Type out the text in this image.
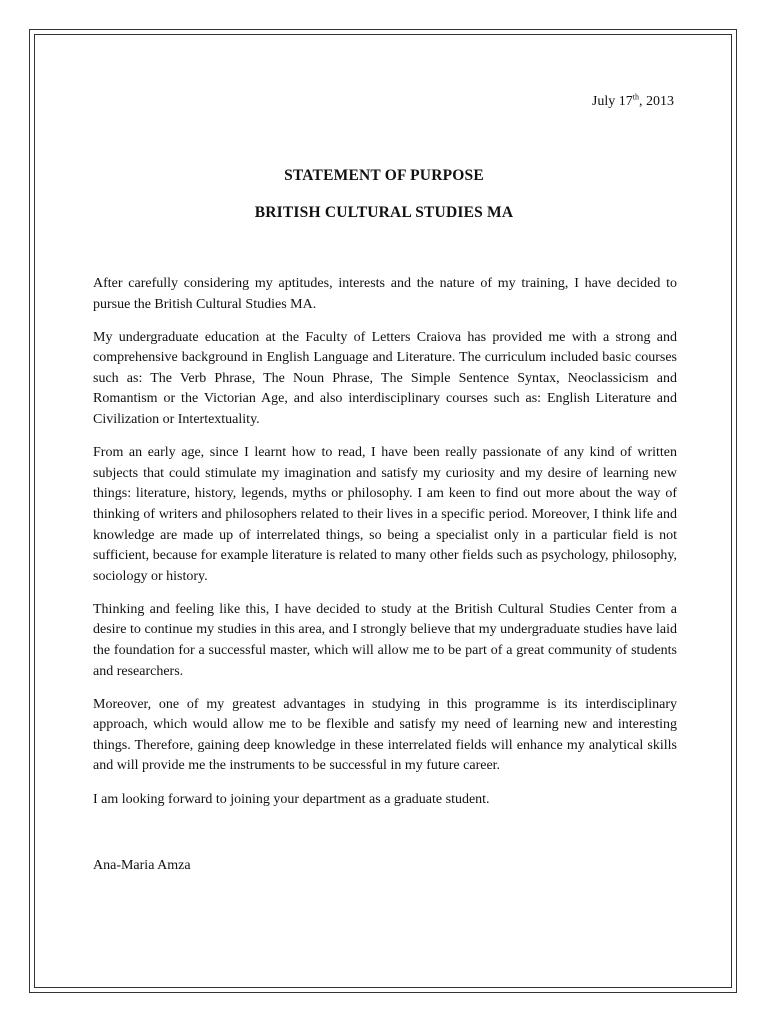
July 17th, 2013
STATEMENT OF PURPOSE
BRITISH CULTURAL STUDIES MA

After carefully considering my aptitudes, interests and the nature of my training, I have decided to pursue the British Cultural Studies MA.

My undergraduate education at the Faculty of Letters Craiova has provided me with a strong and comprehensive background in English Language and Literature. The curriculum included basic courses such as: The Verb Phrase, The Noun Phrase, The Simple Sentence Syntax, Neoclassicism and Romantism or the Victorian Age, and also interdisciplinary courses such as: English Literature and Civilization or Intertextuality.

From an early age, since I learnt how to read, I have been really passionate of any kind of written subjects that could stimulate my imagination and satisfy my curiosity and my desire of learning new things: literature, history, legends, myths or philosophy. I am keen to find out more about the way of thinking of writers and philosophers related to their lives in a specific period. Moreover, I think life and knowledge are made up of interrelated things, so being a specialist only in a particular field is not sufficient, because for example literature is related to many other fields such as psychology, philosophy, sociology or history.

Thinking and feeling like this, I have decided to study at the British Cultural Studies Center from a desire to continue my studies in this area, and I strongly believe that my undergraduate studies have laid the foundation for a successful master, which will allow me to be part of a great community of students and researchers.

Moreover, one of my greatest advantages in studying in this programme is its interdisciplinary approach, which would allow me to be flexible and satisfy my need of learning new and interesting things. Therefore, gaining deep knowledge in these interrelated fields will enhance my analytical skills and will provide me the instruments to be successful in my future career.

I am looking forward to joining your department as a graduate student.

Ana-Maria Amza
